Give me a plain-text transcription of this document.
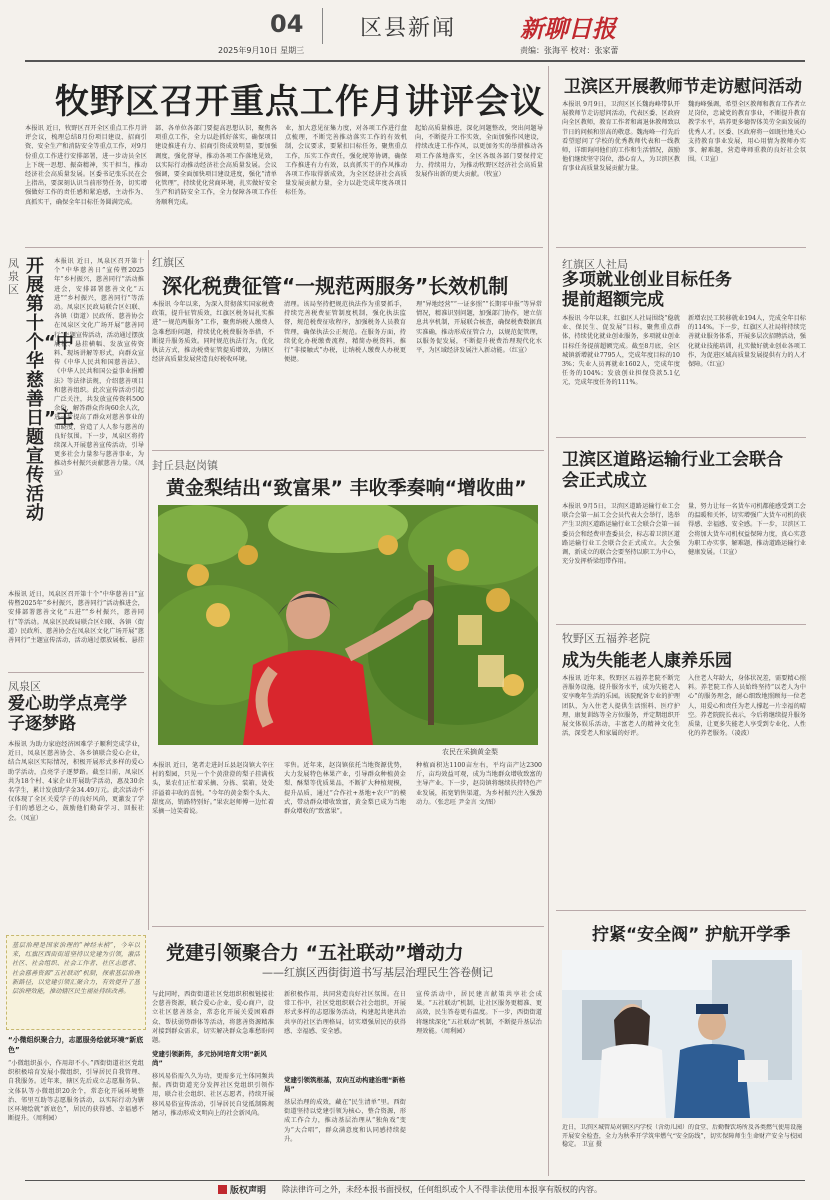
04	区县新闻
2025年9月10日 星期三
新聊日报
责编：张海平 校对：张家蕾
牧野区召开重点工作月讲评会议
本报讯 近日，牧野区召开全区重点工作月讲评会议，梳理总结8月份项目建设、招商引资、安全生产和消防安全等重点工作，对9月份重点工作进行安排部署，进一步动员全区上下统一思想、振奋精神，实干担当，推动经济社会高质量发展。区委书记张乐民在会上指出，要深刻认识当前形势任务，切实增强做好工作的责任感和紧迫感，主动作为、真抓实干，确保全年目标任务圆满完成。
部、各单位各部门要提高思想认识，聚焦各项重点工作，全力以赴抓好落实，确保项目建设推进有力、招商引资成效明显，要加强调度，强化督导，推动各项工作落地见效，以实际行动推动经济社会高质量发展。会议强调，要全面加快项目建设进度，强化“清单化管理”，持续优化营商环境，扎实做好安全生产和消防安全工作，全力保障各项工作任务顺利完成。
业，加大意见征集力度，对各项工作进行盘点梳理，不断完善推动落实工作的有效机制，会议要求，要紧扣目标任务，聚焦重点工作，压实工作责任，强化统筹协调，确保工作推进有力有效，以真抓实干的作风推动各项工作取得新成效，为全区经济社会高质量发展贡献力量，全力以赴完成年度各项目标任务。
起始高质量推进，深化问题整改，突出问题导向，不断提升工作实效，全面加强作风建设，持续改进工作作风，以更加务实的举措推动各项工作落地落实，全区各级各部门要保持定力、持续用力，为推动牧野区经济社会高质量发展作出新的更大贡献。（牧宣）
凤泉区
开展第十个“中华慈善日”主题宣传活动
本报讯 近日，凤泉区召开第十个“中华慈善日”宣传暨2025年“乡村振兴，慈善同行”活动推进会，安排部署慈善文化“五进”“乡村振兴，慈善同行”等活动。凤泉区民政局联合区妇联、各镇（街道）民政所、慈善协会在凤泉区文化广场开展“慈善同行”主题宣传活动，活动通过摆放展板、悬挂横幅、发放宣传资料、现场讲解等形式，向群众宣传《中华人民共和国慈善法》、《中华人民共和国公益事业捐赠法》等法律法规，介绍慈善项目和慈善组织。此次宣传活动引起广泛关注，共发放宣传资料500余份，解答群众咨询60余人次，进一步提高了群众对慈善事业的知晓度，营造了人人参与慈善的良好氛围。下一步，凤泉区将持续深入开展慈善宣传活动，引导更多社会力量参与慈善事业，为推动乡村振兴贡献慈善力量。（凤宣）
本报讯 近日，凤泉区召开第十个“中华慈善日”宣传暨2025年“乡村振兴，慈善同行”活动推进会，安排部署慈善文化“五进”“乡村振兴，慈善同行”等活动。凤泉区民政局联合区妇联、各镇（街道）民政所、慈善协会在凤泉区文化广场开展“慈善同行”主题宣传活动，活动通过摆放展板、悬挂
凤泉区
爱心助学点亮学子逐梦路
本报讯 为助力家庭经济困难学子顺利完成学业，近日，凤泉区慈善协会、各乡镇联合爱心企业，结合凤泉区实际情况，积极开展形式多样的爱心助学活动，点亮学子逐梦路。截至目前，凤泉区共为18个村、4家企业开展助学活动，惠及30余名学生，累计发放助学金34.49万元。此次活动不仅体现了全区关爱学子的良好风尚，更激发了学子们的感恩之心，鼓励他们勤奋学习、回报社会。（凤宣）
基层治理是国家治理的“神经末梢”，今年以来，红旗区西街街道坚持以党建为引领，激活社区、社会组织、社会工作者、社区志愿者、社会慈善资源“五社联动”机制，探索基层治理新路径，以党建引领汇聚合力，有效提升了基层治理效能，推动辖区民生福祉持续改善。
“小微组织聚合力，志愿服务绘就环境“新底色”
“小微组织虽小，作用却不小。”西街街道社区党组织积极培育发展小微组织，引导居民自我管理、自我服务。近年来，辖区先后成立志愿服务队、文体队等小微组织20余个，常态化开展环境整治、邻里互助等志愿服务活动，以实际行动为辖区环境绘就“新底色”，居民的获得感、幸福感不断提升。（周利园）
红旗区
深化税费征管“一规范两服务”长效机制
本报讯 今年以来，为深入贯彻落实国家税费政策，提升征管质效，红旗区税务局扎实推进“一规范两服务”工作，聚焦纳税人缴费人急难愁盼问题，持续优化税费服务举措，不断提升服务质效。同时规范执法行为，优化执法方式，推动税费征管提质增效，为辖区经济高质量发展营造良好税收环境。
清理。该局坚持把规范执法作为重要抓手，持续完善税费征管制度机制，强化执法监督，规范税费征收程序，加强税务人员教育管理，确保执法公正规范。在服务方面，持续优化办税缴费流程，精简办税资料，推行“非接触式”办税，让纳税人缴费人办税更便捷。
理“异地经营”“一证多照”“长期零申报”等异常情况，精准识别问题，加强部门协作，建立信息共享机制，开展联合核查，确保税费数据真实准确，推动形成征管合力，以规范促管理，以服务促发展，不断提升税费治理现代化水平，为区域经济发展注入新动能。（红宣）
封丘县赵岗镇
黄金梨结出“致富果” 丰收季奏响“增收曲”
农民在采摘黄金梨
本报讯 近日，笔者走进封丘县赵岗镇大辛庄村的梨园，只见一个个黄澄澄的梨子挂满枝头，果农们正忙着采摘、分拣、装箱，处处洋溢着丰收的喜悦。“今年的黄金梨个头大、甜度高，销路特别好。”果农赵师傅一边忙着采摘一边笑着说。
零售。近年来，赵岗镇依托当地资源优势，大力发展特色林果产业，引导群众种植黄金梨、酥梨等优质果品，不断扩大种植规模，提升品质，通过“合作社+基地+农户”的模式，带动群众增收致富，黄金梨已成为当地群众增收的“致富果”。
种植面积达1100亩左右，平均亩产达2300斤，亩均效益可观，成为当地群众增收致富的主导产业。下一步，赵岗镇将继续扶持特色产业发展，拓宽销售渠道，为乡村振兴注入强劲动力。（张忠旺 尹金言 文/图）
党建引领聚合力 “五社联动”增动力
——红旗区西街街道书写基层治理民生答卷侧记
与此同时，西街街道社区党组织积极链接社会慈善资源，联合爱心企业、爱心商户，设立社区慈善基金，常态化开展关爱困难群众、帮扶弱势群体等活动，将慈善资源精准对接到群众需求，切实解决群众急难愁盼问题。
党建引领新阵，多元协同培育文明“新风尚”
移风易俗需久久为功，更需多元主体同频共振。西街街道充分发挥社区党组织引领作用，联合社会组织、社区志愿者，持续开展移风易俗宣传活动，引导居民自觉抵制陈规陋习，推动形成文明向上的社会新风尚。
新积极作用，共同营造良好社区氛围。在日常工作中，社区党组织联合社会组织，开展形式多样的志愿服务活动，构建起共建共治共享的社区治理格局，切实增强居民的获得感、幸福感、安全感。
党建引领筑根基，双向互动构建治理“新格局”
基层治理的成效，藏在“民生清单”里。西街街道坚持以党建引领为核心，整合资源，形成工作合力，推动基层治理从“独角戏”变为“大合唱”，群众满意度和认同感持续提升。
宣传活动中，居民建言献策共享社会成果。“五社联动”机制，让社区服务更精准、更高效，民生答卷更有温度。下一步，西街街道将继续深化“五社联动”机制，不断提升基层治理效能。（周利园）
卫滨区开展教师节走访慰问活动
本报讯 9月9日，卫滨区区长魏海峰带队开展教师节走访慰问活动，代表区委、区政府向全区教师，教育工作者和离退休教师致以节日的问候和崇高的敬意。魏海峰一行先后看望慰问了学校的优秀教师代表和一线教师，详细询问他们的工作和生活情况，鼓励他们继续坚守岗位，潜心育人，为卫滨区教育事业高质量发展贡献力量。
魏海峰强调，希望全区教师和教育工作者立足岗位，忠诚党的教育事业，不断提升教育教学水平，培养更多德智体美劳全面发展的优秀人才。区委、区政府将一如既往地关心支持教育事业发展，用心用情为教师办实事、解难题，营造尊师重教的良好社会氛围。（卫宣）
红旗区人社局
多项就业创业目标任务提前超额完成
本报讯 今年以来，红旗区人社局围绕“稳就业、保民生、促发展”目标，聚焦重点群体，持续优化就业创业服务，多项就业创业目标任务提前超额完成。截至8月底，全区城镇新增就业7795人，完成年度目标的103%；失业人员再就业1602人，完成年度任务的104%；发放创业担保贷款5.1亿元，完成年度任务的111%。
新增农民工转移就业194人，完成全年目标的114%。下一步，红旗区人社局将持续完善就业服务体系，开展多层次招聘活动，强化就业技能培训，扎实做好就业创业各项工作，为促进区域高质量发展提供有力的人才保障。（红宣）
卫滨区道路运输行业工会联合会正式成立
本报讯 9月5日，卫滨区道路运输行业工会联合会第一届工会会员代表大会举行，选举产生卫滨区道路运输行业工会联合会第一届委员会和经费审查委员会，标志着卫滨区道路运输行业工会联合会正式成立。大会强调，新成立的联合会要坚持以职工为中心，充分发挥桥梁纽带作用。
量，努力让每一名货车司机都能感受到工会的温暖和关怀，切实增强广大货车司机的获得感、幸福感、安全感。下一步，卫滨区工会将加大货车司机权益保障力度，真心实意为职工办实事、解难题，推动道路运输行业健康发展。（卫宣）
牧野区五福养老院
成为失能老人康养乐园
本报讯 近年来，牧野区五福养老院不断完善服务设施，提升服务水平，成为失能老人安享晚年生活的乐园。该院配备专业的护理团队，为入住老人提供生活照料、医疗护理、康复训练等全方位服务，并定期组织开展文体娱乐活动，丰富老人的精神文化生活，深受老人和家属的好评。
入住老人年龄大，身体状况差，需要精心照料。养老院工作人员始终坚持“以老人为中心”的服务理念，耐心细致地照顾每一位老人，用爱心和责任为老人撑起一片幸福的晴空。养老院院长表示，今后将继续提升服务质量，让更多失能老人享受到专业化、人性化的养老服务。（凌波）
拧紧“安全阀” 护航开学季
近日，卫滨区城管局对辖区内学校（含幼儿园）的食堂、后勤餐饮场所及各类燃气使用设施开展安全检查，全力为秋季开学筑牢燃气“安全防线”，切实保障师生生命财产安全与校园稳定。 卫宣 摄
版权声明 除法律许可之外，未经本报书面授权，任何组织或个人不得非法使用本报享有版权的内容。
